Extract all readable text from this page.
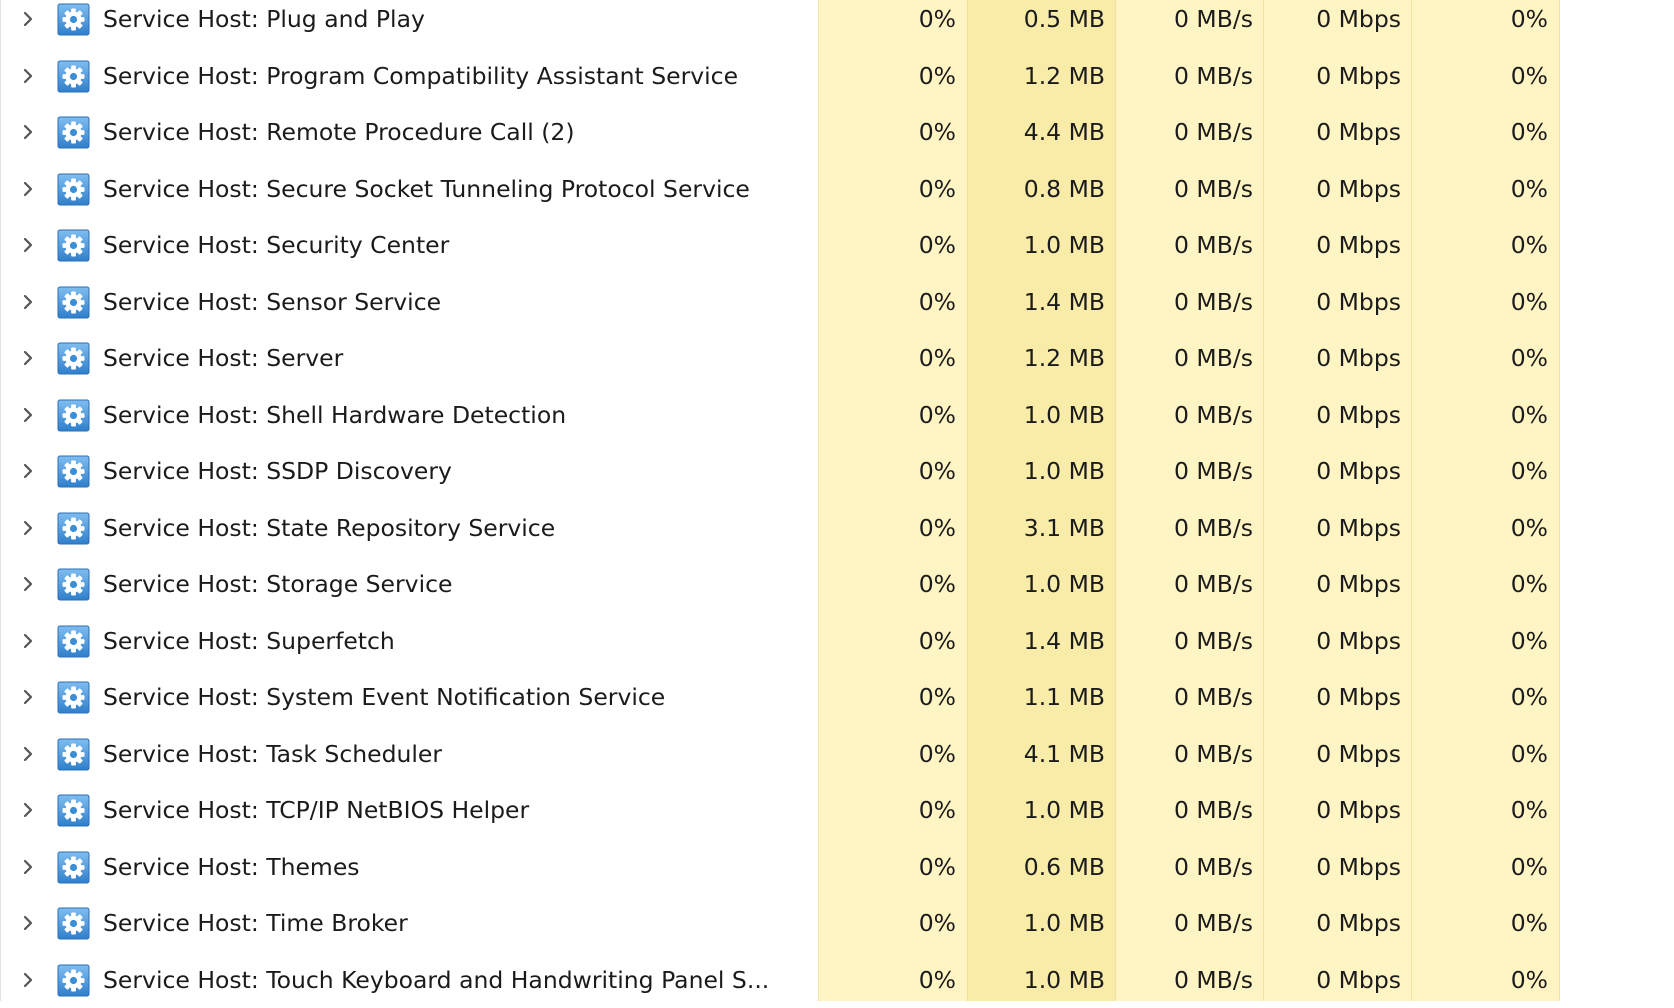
Service Host: Plug and Play	0%	0.5 MB	0 MB/s	0 Mbps	0%
Service Host: Program Compatibility Assistant Service	0%	1.2 MB	0 MB/s	0 Mbps	0%
Service Host: Remote Procedure Call (2)	0%	4.4 MB	0 MB/s	0 Mbps	0%
Service Host: Secure Socket Tunneling Protocol Service	0%	0.8 MB	0 MB/s	0 Mbps	0%
Service Host: Security Center	0%	1.0 MB	0 MB/s	0 Mbps	0%
Service Host: Sensor Service	0%	1.4 MB	0 MB/s	0 Mbps	0%
Service Host: Server	0%	1.2 MB	0 MB/s	0 Mbps	0%
Service Host: Shell Hardware Detection	0%	1.0 MB	0 MB/s	0 Mbps	0%
Service Host: SSDP Discovery	0%	1.0 MB	0 MB/s	0 Mbps	0%
Service Host: State Repository Service	0%	3.1 MB	0 MB/s	0 Mbps	0%
Service Host: Storage Service	0%	1.0 MB	0 MB/s	0 Mbps	0%
Service Host: Superfetch	0%	1.4 MB	0 MB/s	0 Mbps	0%
Service Host: System Event Notification Service	0%	1.1 MB	0 MB/s	0 Mbps	0%
Service Host: Task Scheduler	0%	4.1 MB	0 MB/s	0 Mbps	0%
Service Host: TCP/IP NetBIOS Helper	0%	1.0 MB	0 MB/s	0 Mbps	0%
Service Host: Themes	0%	0.6 MB	0 MB/s	0 Mbps	0%
Service Host: Time Broker	0%	1.0 MB	0 MB/s	0 Mbps	0%
Service Host: Touch Keyboard and Handwriting Panel S...	0%	1.0 MB	0 MB/s	0 Mbps	0%
